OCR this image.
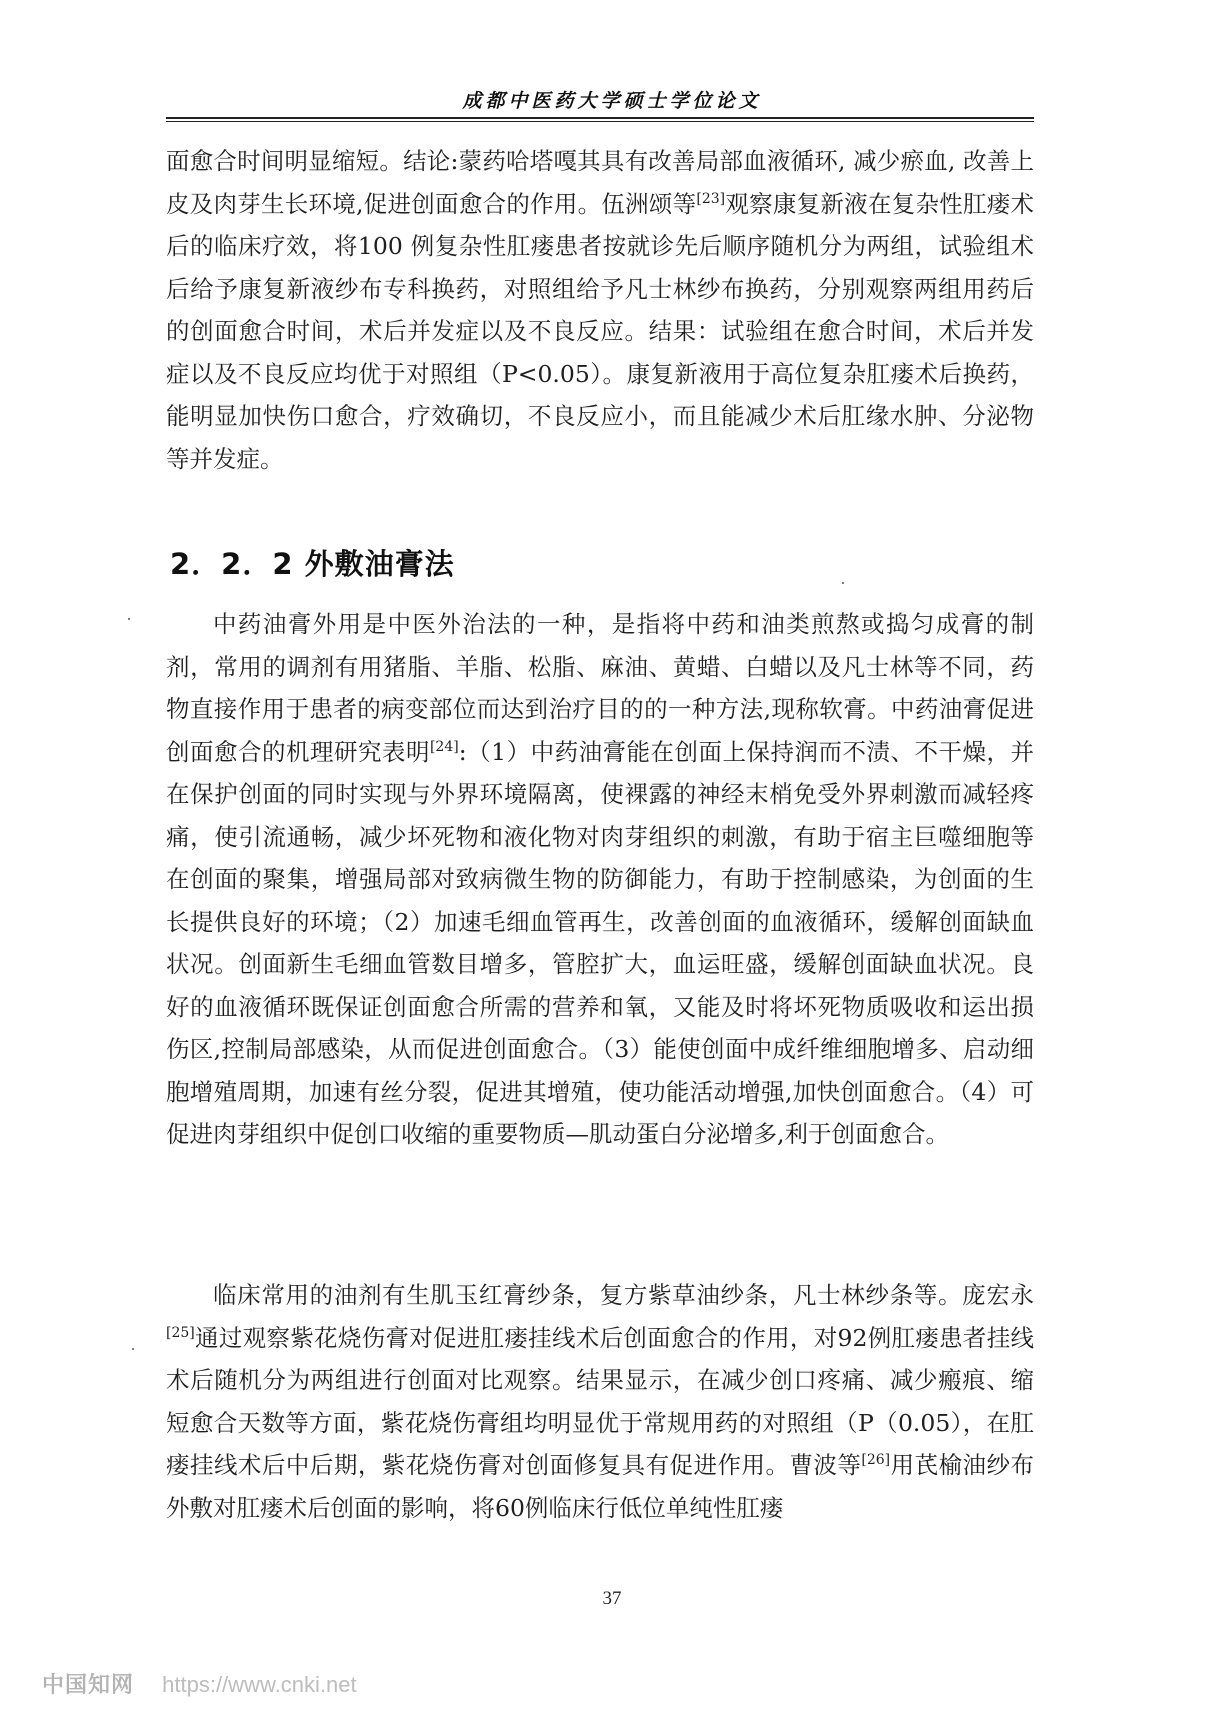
成都中医药大学硕士学位论文

面愈合时间明显缩短。结论:蒙药哈塔嘎其具有改善局部血液循环, 减少瘀血, 改善上皮及肉芽生长环境,促进创面愈合的作用。伍洲颂等[23]观察康复新液在复杂性肛瘘术后的临床疗效，将100 例复杂性肛瘘患者按就诊先后顺序随机分为两组，试验组术后给予康复新液纱布专科换药，对照组给予凡士林纱布换药，分别观察两组用药后的创面愈合时间，术后并发症以及不良反应。结果：试验组在愈合时间，术后并发症以及不良反应均优于对照组（P<0.05）。康复新液用于高位复杂肛瘘术后换药，能明显加快伤口愈合，疗效确切，不良反应小，而且能减少术后肛缘水肿、分泌物等并发症。

2．2．2 外敷油膏法

中药油膏外用是中医外治法的一种，是指将中药和油类煎熬或捣匀成膏的制剂，常用的调剂有用猪脂、羊脂、松脂、麻油、黄蜡、白蜡以及凡士林等不同，药物直接作用于患者的病变部位而达到治疗目的的一种方法,现称软膏。中药油膏促进创面愈合的机理研究表明[24]:（1）中药油膏能在创面上保持润而不渍、不干燥，并在保护创面的同时实现与外界环境隔离，使裸露的神经末梢免受外界刺激而减轻疼痛，使引流通畅，减少坏死物和液化物对肉芽组织的刺激，有助于宿主巨噬细胞等在创面的聚集，增强局部对致病微生物的防御能力，有助于控制感染，为创面的生长提供良好的环境；（2）加速毛细血管再生，改善创面的血液循环，缓解创面缺血状况。创面新生毛细血管数目增多，管腔扩大，血运旺盛，缓解创面缺血状况。良好的血液循环既保证创面愈合所需的营养和氧，又能及时将坏死物质吸收和运出损伤区,控制局部感染，从而促进创面愈合。（3）能使创面中成纤维细胞增多、启动细胞增殖周期，加速有丝分裂，促进其增殖，使功能活动增强,加快创面愈合。（4）可促进肉芽组织中促创口收缩的重要物质—肌动蛋白分泌增多,利于创面愈合。

临床常用的油剂有生肌玉红膏纱条，复方紫草油纱条，凡士林纱条等。庞宏永[25]通过观察紫花烧伤膏对促进肛瘘挂线术后创面愈合的作用，对92例肛瘘患者挂线术后随机分为两组进行创面对比观察。结果显示，在减少创口疼痛、减少瘢痕、缩短愈合天数等方面，紫花烧伤膏组均明显优于常规用药的对照组（P（0.05），在肛瘘挂线术后中后期，紫花烧伤膏对创面修复具有促进作用。曹波等[26]用芪榆油纱布外敷对肛瘘术后创面的影响，将60例临床行低位单纯性肛瘘

37
中国知网 https://www.cnki.net
